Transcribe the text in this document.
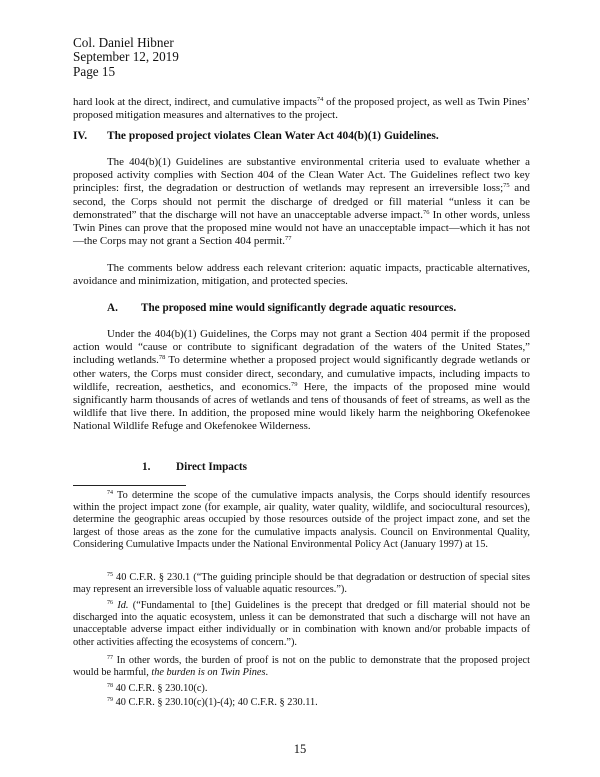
Col. Daniel Hibner
September 12, 2019
Page 15

hard look at the direct, indirect, and cumulative impacts$^{74}$ of the proposed project, as well as Twin Pines’ proposed mitigation measures and alternatives to the project.

IV. The proposed project violates Clean Water Act 404(b)(1) Guidelines.

The 404(b)(1) Guidelines are substantive environmental criteria used to evaluate whether a proposed activity complies with Section 404 of the Clean Water Act. The Guidelines reflect two key principles: first, the degradation or destruction of wetlands may represent an irreversible loss;$^{75}$ and second, the Corps should not permit the discharge of dredged or fill material “unless it can be demonstrated” that the discharge will not have an unacceptable adverse impact.$^{76}$ In other words, unless Twin Pines can prove that the proposed mine would not have an unacceptable impact—which it has not—the Corps may not grant a Section 404 permit.$^{77}$

The comments below address each relevant criterion: aquatic impacts, practicable alternatives, avoidance and minimization, mitigation, and protected species.

A. The proposed mine would significantly degrade aquatic resources.

Under the 404(b)(1) Guidelines, the Corps may not grant a Section 404 permit if the proposed action would “cause or contribute to significant degradation of the waters of the United States,” including wetlands.$^{78}$ To determine whether a proposed project would significantly degrade wetlands or other waters, the Corps must consider direct, secondary, and cumulative impacts, including impacts to wildlife, recreation, aesthetics, and economics.$^{79}$ Here, the impacts of the proposed mine would significantly harm thousands of acres of wetlands and tens of thousands of feet of streams, as well as the wildlife that live there. In addition, the proposed mine would likely harm the neighboring Okefenokee National Wildlife Refuge and Okefenokee Wilderness.

1. Direct Impacts

$^{74}$ To determine the scope of the cumulative impacts analysis, the Corps should identify resources within the project impact zone (for example, air quality, water quality, wildlife, and sociocultural resources), determine the geographic areas occupied by those resources outside of the project impact zone, and set the largest of those areas as the zone for the cumulative impacts analysis. Council on Environmental Quality, Considering Cumulative Impacts under the National Environmental Policy Act (January 1997) at 15.

$^{75}$ 40 C.F.R. § 230.1 (“The guiding principle should be that degradation or destruction of special sites may represent an irreversible loss of valuable aquatic resources.”).

$^{76}$ Id. (“Fundamental to [the] Guidelines is the precept that dredged or fill material should not be discharged into the aquatic ecosystem, unless it can be demonstrated that such a discharge will not have an unacceptable adverse impact either individually or in combination with known and/or probable impacts of other activities affecting the ecosystems of concern.”).

$^{77}$ In other words, the burden of proof is not on the public to demonstrate that the proposed project would be harmful, the burden is on Twin Pines.

$^{78}$ 40 C.F.R. § 230.10(c).

$^{79}$ 40 C.F.R. § 230.10(c)(1)-(4); 40 C.F.R. § 230.11.

15
